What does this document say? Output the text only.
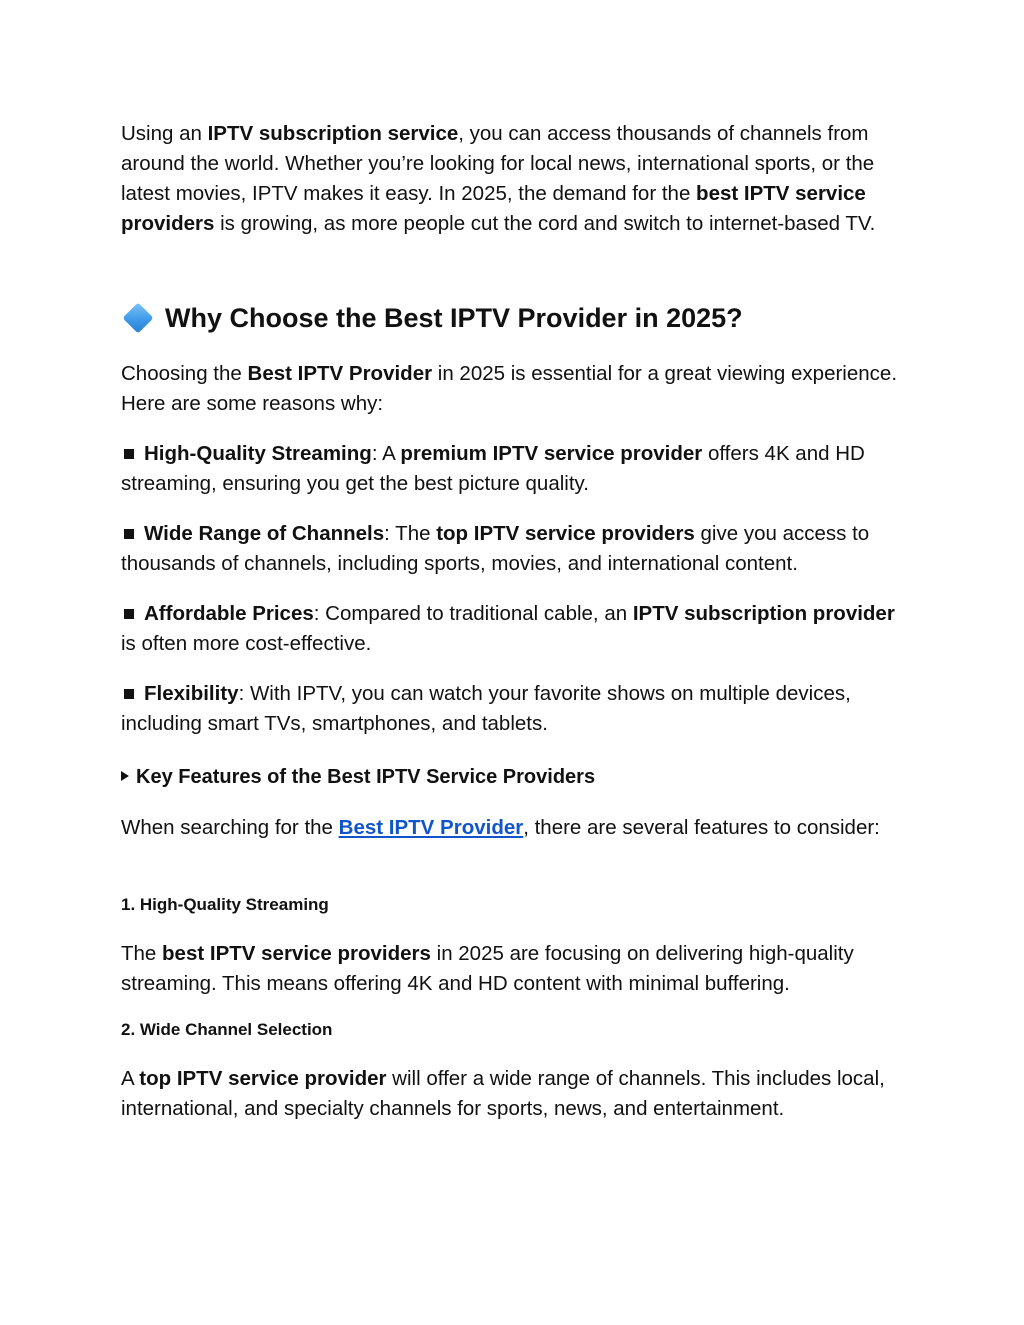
Using an IPTV subscription service, you can access thousands of channels from around the world. Whether you’re looking for local news, international sports, or the latest movies, IPTV makes it easy. In 2025, the demand for the best IPTV service providers is growing, as more people cut the cord and switch to internet-based TV.

Why Choose the Best IPTV Provider in 2025?

Choosing the Best IPTV Provider in 2025 is essential for a great viewing experience. Here are some reasons why:

High-Quality Streaming: A premium IPTV service provider offers 4K and HD streaming, ensuring you get the best picture quality.

Wide Range of Channels: The top IPTV service providers give you access to thousands of channels, including sports, movies, and international content.

Affordable Prices: Compared to traditional cable, an IPTV subscription provider is often more cost-effective.

Flexibility: With IPTV, you can watch your favorite shows on multiple devices, including smart TVs, smartphones, and tablets.

Key Features of the Best IPTV Service Providers

When searching for the Best IPTV Provider, there are several features to consider:

1. High-Quality Streaming

The best IPTV service providers in 2025 are focusing on delivering high-quality streaming. This means offering 4K and HD content with minimal buffering.

2. Wide Channel Selection

A top IPTV service provider will offer a wide range of channels. This includes local, international, and specialty channels for sports, news, and entertainment.
